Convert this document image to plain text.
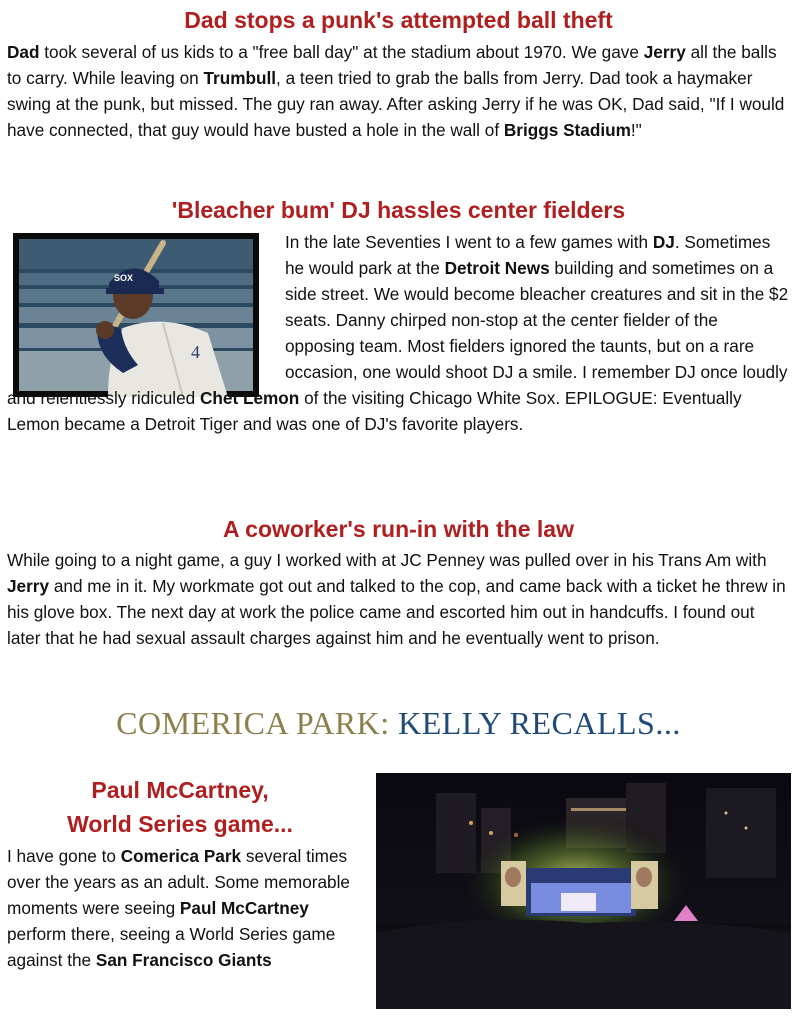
Dad stops a punk's attempted ball theft

Dad took several of us kids to a "free ball day" at the stadium about 1970. We gave Jerry all the balls to carry. While leaving on Trumbull, a teen tried to grab the balls from Jerry. Dad took a haymaker swing at the punk, but missed. The guy ran away. After asking Jerry if he was OK, Dad said, "If I would have connected, that guy would have busted a hole in the wall of Briggs Stadium!"

'Bleacher bum' DJ hassles center fielders
SOX
4

In the late Seventies I went to a few games with DJ. Sometimes he would park at the Detroit News building and sometimes on a side street. We would become bleacher creatures and sit in the $2 seats. Danny chirped non-stop at the center fielder of the opposing team. Most fielders ignored the taunts, but on a rare occasion, one would shoot DJ a smile. I remember DJ once loudly and relentlessly ridiculed Chet Lemon of the visiting Chicago White Sox. EPILOGUE: Eventually Lemon became a Detroit Tiger and was one of DJ's favorite players.

A coworker's run-in with the law

While going to a night game, a guy I worked with at JC Penney was pulled over in his Trans Am with Jerry and me in it. My workmate got out and talked to the cop, and came back with a ticket he threw in his glove box. The next day at work the police came and escorted him out in handcuffs. I found out later that he had sexual assault charges against him and he eventually went to prison.

COMERICA PARK: KELLY RECALLS...
Paul McCartney,
World Series game...

I have gone to Comerica Park several times over the years as an adult. Some memorable moments were seeing Paul McCartney perform there, seeing a World Series game against the San Francisco Giants
